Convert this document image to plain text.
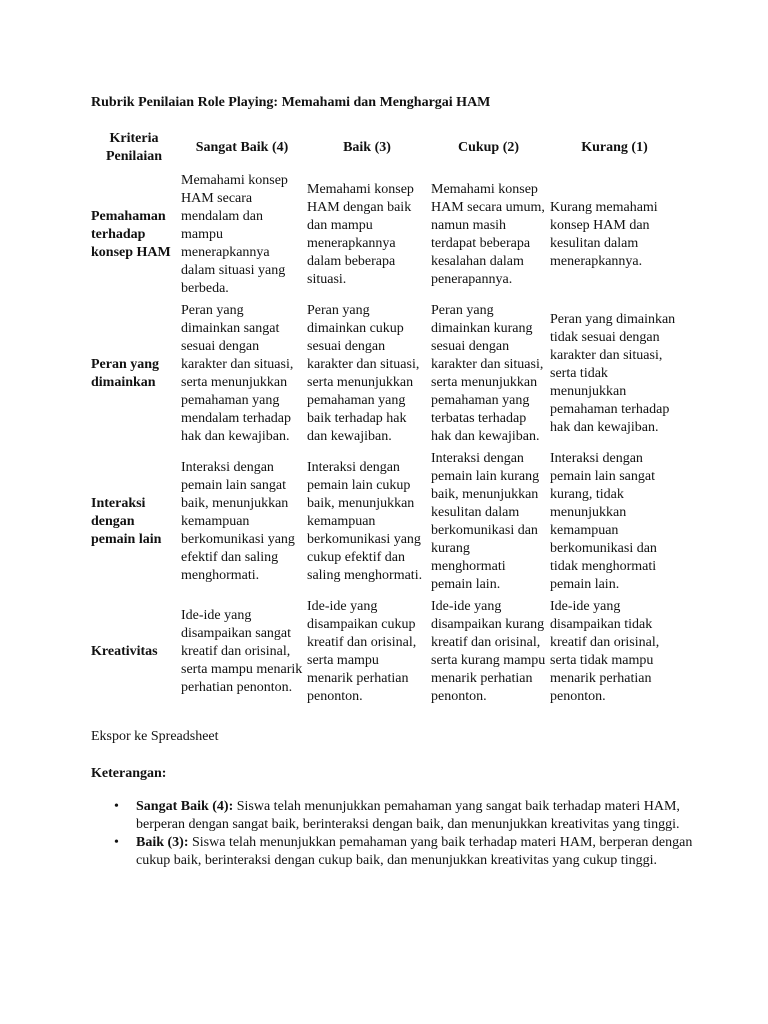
Rubrik Penilaian Role Playing: Memahami dan Menghargai HAM
Kriteria Penilaian	Sangat Baik (4)	Baik (3)	Cukup (2)	Kurang (1)
Pemahaman terhadap konsep HAM	Memahami konsep HAM secara mendalam dan mampu menerapkannya dalam situasi yang berbeda.	Memahami konsep HAM dengan baik dan mampu menerapkannya dalam beberapa situasi.	Memahami konsep HAM secara umum, namun masih terdapat beberapa kesalahan dalam penerapannya.	Kurang memahami konsep HAM dan kesulitan dalam menerapkannya.
Peran yang dimainkan	Peran yang dimainkan sangat sesuai dengan karakter dan situasi, serta menunjukkan pemahaman yang mendalam terhadap hak dan kewajiban.	Peran yang dimainkan cukup sesuai dengan karakter dan situasi, serta menunjukkan pemahaman yang baik terhadap hak dan kewajiban.	Peran yang dimainkan kurang sesuai dengan karakter dan situasi, serta menunjukkan pemahaman yang terbatas terhadap hak dan kewajiban.	Peran yang dimainkan tidak sesuai dengan karakter dan situasi, serta tidak menunjukkan pemahaman terhadap hak dan kewajiban.
Interaksi dengan pemain lain	Interaksi dengan pemain lain sangat baik, menunjukkan kemampuan berkomunikasi yang efektif dan saling menghormati.	Interaksi dengan pemain lain cukup baik, menunjukkan kemampuan berkomunikasi yang cukup efektif dan saling menghormati.	Interaksi dengan pemain lain kurang baik, menunjukkan kesulitan dalam berkomunikasi dan kurang menghormati pemain lain.	Interaksi dengan pemain lain sangat kurang, tidak menunjukkan kemampuan berkomunikasi dan tidak menghormati pemain lain.
Kreativitas	Ide-ide yang disampaikan sangat kreatif dan orisinal, serta mampu menarik perhatian penonton.	Ide-ide yang disampaikan cukup kreatif dan orisinal, serta mampu menarik perhatian penonton.	Ide-ide yang disampaikan kurang kreatif dan orisinal, serta kurang mampu menarik perhatian penonton.	Ide-ide yang disampaikan tidak kreatif dan orisinal, serta tidak mampu menarik perhatian penonton.
Ekspor ke Spreadsheet
Keterangan:
• Sangat Baik (4): Siswa telah menunjukkan pemahaman yang sangat baik terhadap materi HAM, berperan dengan sangat baik, berinteraksi dengan baik, dan menunjukkan kreativitas yang tinggi.
• Baik (3): Siswa telah menunjukkan pemahaman yang baik terhadap materi HAM, berperan dengan cukup baik, berinteraksi dengan cukup baik, dan menunjukkan kreativitas yang cukup tinggi.
